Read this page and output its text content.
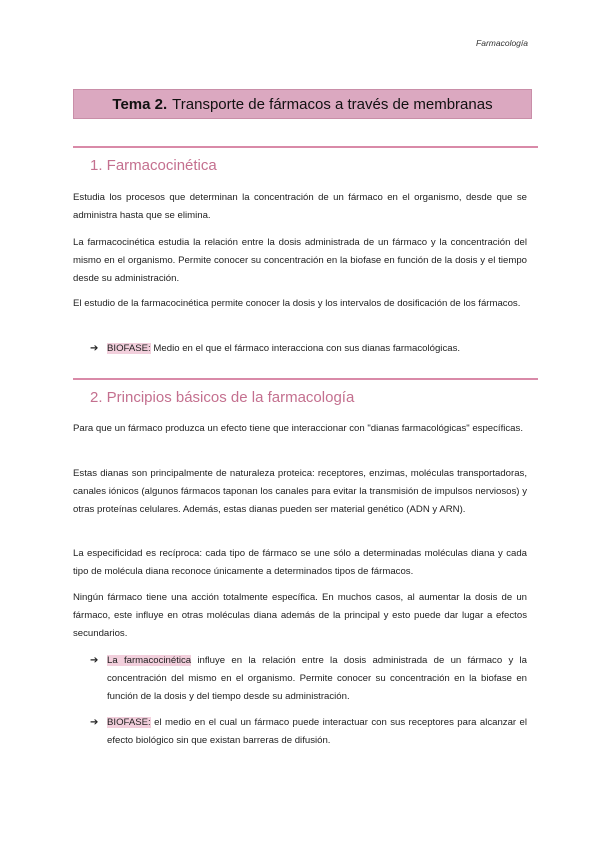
Farmacología
Tema 2. Transporte de fármacos a través de membranas
1. Farmacocinética

Estudia los procesos que determinan la concentración de un fármaco en el organismo, desde que se administra hasta que se elimina.

La farmacocinética estudia la relación entre la dosis administrada de un fármaco y la concentración del mismo en el organismo. Permite conocer su concentración en la biofase en función de la dosis y el tiempo desde su administración.

El estudio de la farmacocinética permite conocer la dosis y los intervalos de dosificación de los fármacos.

➔ BIOFASE: Medio en el que el fármaco interacciona con sus dianas farmacológicas.
2. Principios básicos de la farmacología

Para que un fármaco produzca un efecto tiene que interaccionar con "dianas farmacológicas" específicas.

Estas dianas son principalmente de naturaleza proteica: receptores, enzimas, moléculas transportadoras, canales iónicos (algunos fármacos taponan los canales para evitar la transmisión de impulsos nerviosos) y otras proteínas celulares. Además, estas dianas pueden ser material genético (ADN y ARN).

La especificidad es recíproca: cada tipo de fármaco se une sólo a determinadas moléculas diana y cada tipo de molécula diana reconoce únicamente a determinados tipos de fármacos.

Ningún fármaco tiene una acción totalmente específica. En muchos casos, al aumentar la dosis de un fármaco, este influye en otras moléculas diana además de la principal y esto puede dar lugar a efectos secundarios.

➔ La farmacocinética influye en la relación entre la dosis administrada de un fármaco y la concentración del mismo en el organismo. Permite conocer su concentración en la biofase en función de la dosis y del tiempo desde su administración.
➔ BIOFASE: el medio en el cual un fármaco puede interactuar con sus receptores para alcanzar el efecto biológico sin que existan barreras de difusión.
